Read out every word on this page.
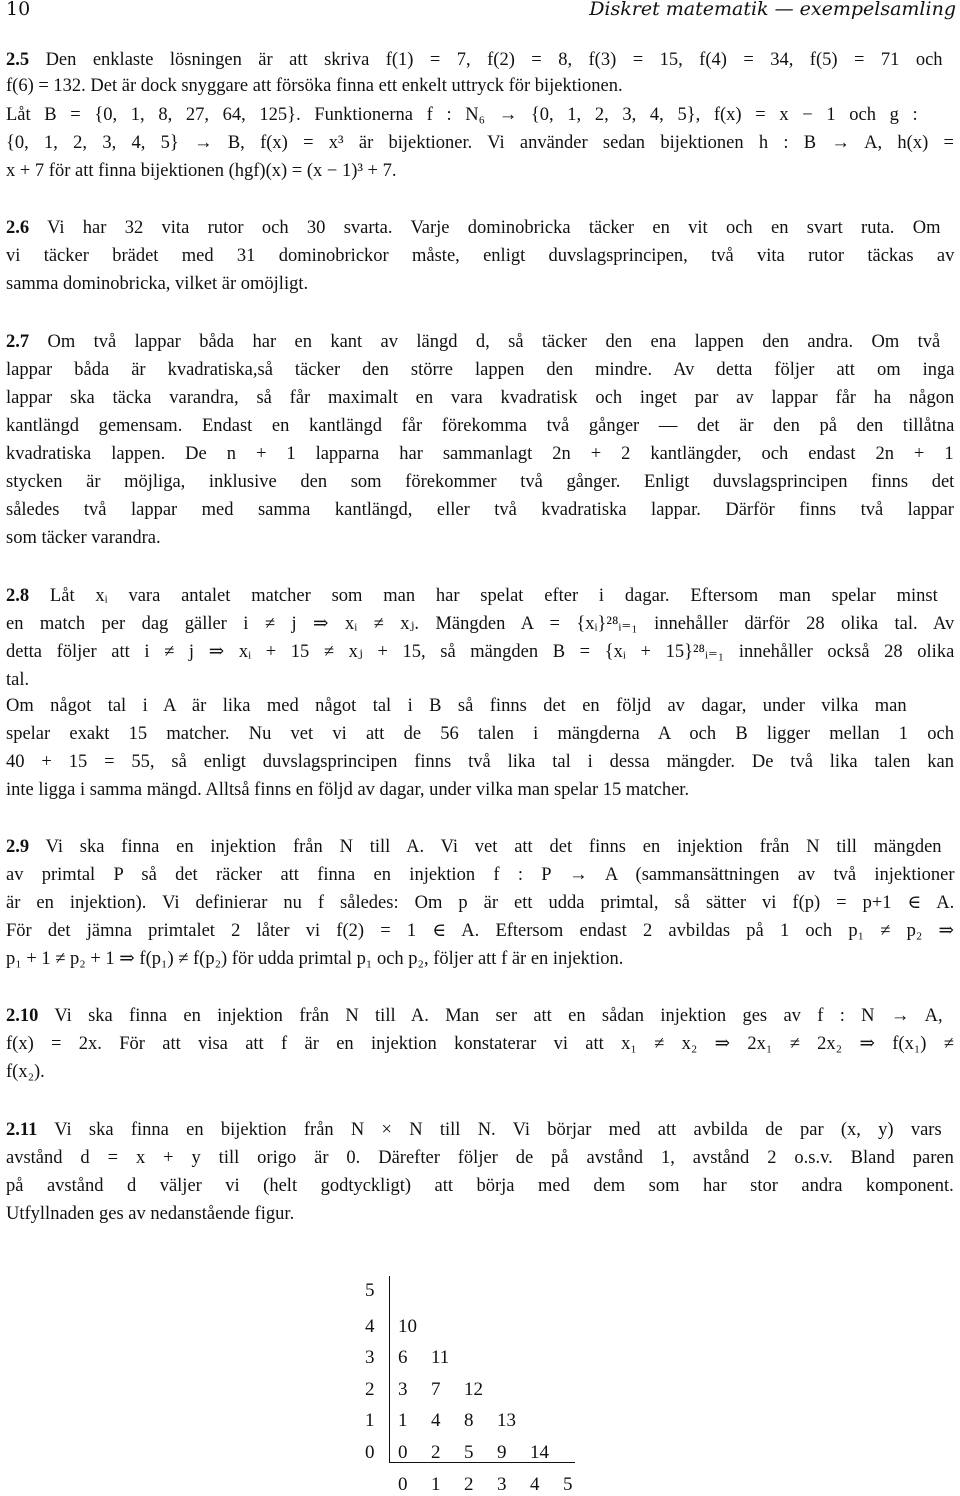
10	Diskret matematik — exempelsamling
2.5 Den enklaste lösningen är att skriva f(1) = 7, f(2) = 8, f(3) = 15, f(4) = 34, f(5) = 71 och
f(6) = 132. Det är dock snyggare att försöka finna ett enkelt uttryck för bijektionen.
Låt B = {0, 1, 8, 27, 64, 125}. Funktionerna f : N₆ → {0, 1, 2, 3, 4, 5}, f(x) = x − 1 och g :
{0, 1, 2, 3, 4, 5} → B, f(x) = x³ är bijektioner. Vi använder sedan bijektionen h : B → A, h(x) =
x + 7 för att finna bijektionen (hgf)(x) = (x − 1)³ + 7.
2.6 Vi har 32 vita rutor och 30 svarta. Varje dominobricka täcker en vit och en svart ruta. Om
vi täcker brädet med 31 dominobrickor måste, enligt duvslagsprincipen, två vita rutor täckas av
samma dominobricka, vilket är omöjligt.
2.7 Om två lappar båda har en kant av längd d, så täcker den ena lappen den andra. Om två
lappar båda är kvadratiska,så täcker den större lappen den mindre. Av detta följer att om inga
lappar ska täcka varandra, så får maximalt en vara kvadratisk och inget par av lappar får ha någon
kantlängd gemensam. Endast en kantlängd får förekomma två gånger — det är den på den tillåtna
kvadratiska lappen. De n + 1 lapparna har sammanlagt 2n + 2 kantlängder, och endast 2n + 1
stycken är möjliga, inklusive den som förekommer två gånger. Enligt duvslagsprincipen finns det
således två lappar med samma kantlängd, eller två kvadratiska lappar. Därför finns två lappar
som täcker varandra.
2.8 Låt xᵢ vara antalet matcher som man har spelat efter i dagar. Eftersom man spelar minst
en match per dag gäller i ≠ j ⇒ xᵢ ≠ xⱼ. Mängden A = {xᵢ}²⁸ᵢ₌₁ innehåller därför 28 olika tal. Av
detta följer att i ≠ j ⇒ xᵢ + 15 ≠ xⱼ + 15, så mängden B = {xᵢ + 15}²⁸ᵢ₌₁ innehåller också 28 olika
tal.
Om något tal i A är lika med något tal i B så finns det en följd av dagar, under vilka man
spelar exakt 15 matcher. Nu vet vi att de 56 talen i mängderna A och B ligger mellan 1 och
40 + 15 = 55, så enligt duvslagsprincipen finns två lika tal i dessa mängder. De två lika talen kan
inte ligga i samma mängd. Alltså finns en följd av dagar, under vilka man spelar 15 matcher.
2.9 Vi ska finna en injektion från N till A. Vi vet att det finns en injektion från N till mängden
av primtal P så det räcker att finna en injektion f : P → A (sammansättningen av två injektioner
är en injektion). Vi definierar nu f således: Om p är ett udda primtal, så sätter vi f(p) = p+1 ∈ A.
För det jämna primtalet 2 låter vi f(2) = 1 ∈ A. Eftersom endast 2 avbildas på 1 och p₁ ≠ p₂ ⇒
p₁ + 1 ≠ p₂ + 1 ⇒ f(p₁) ≠ f(p₂) för udda primtal p₁ och p₂, följer att f är en injektion.
2.10 Vi ska finna en injektion från N till A. Man ser att en sådan injektion ges av f : N → A,
f(x) = 2x. För att visa att f är en injektion konstaterar vi att x₁ ≠ x₂ ⇒ 2x₁ ≠ 2x₂ ⇒ f(x₁) ≠
f(x₂).
2.11 Vi ska finna en bijektion från N × N till N. Vi börjar med att avbilda de par (x, y) vars
avstånd d = x + y till origo är 0. Därefter följer de på avstånd 1, avstånd 2 o.s.v. Bland paren
på avstånd d väljer vi (helt godtyckligt) att börja med dem som har stor andra komponent.
Utfyllnaden ges av nedanstående figur.
5
4 10
3 6 11
2 3 7 12
1 1 4 8 13
0 0 2 5 9 14
0 1 2 3 4 5
